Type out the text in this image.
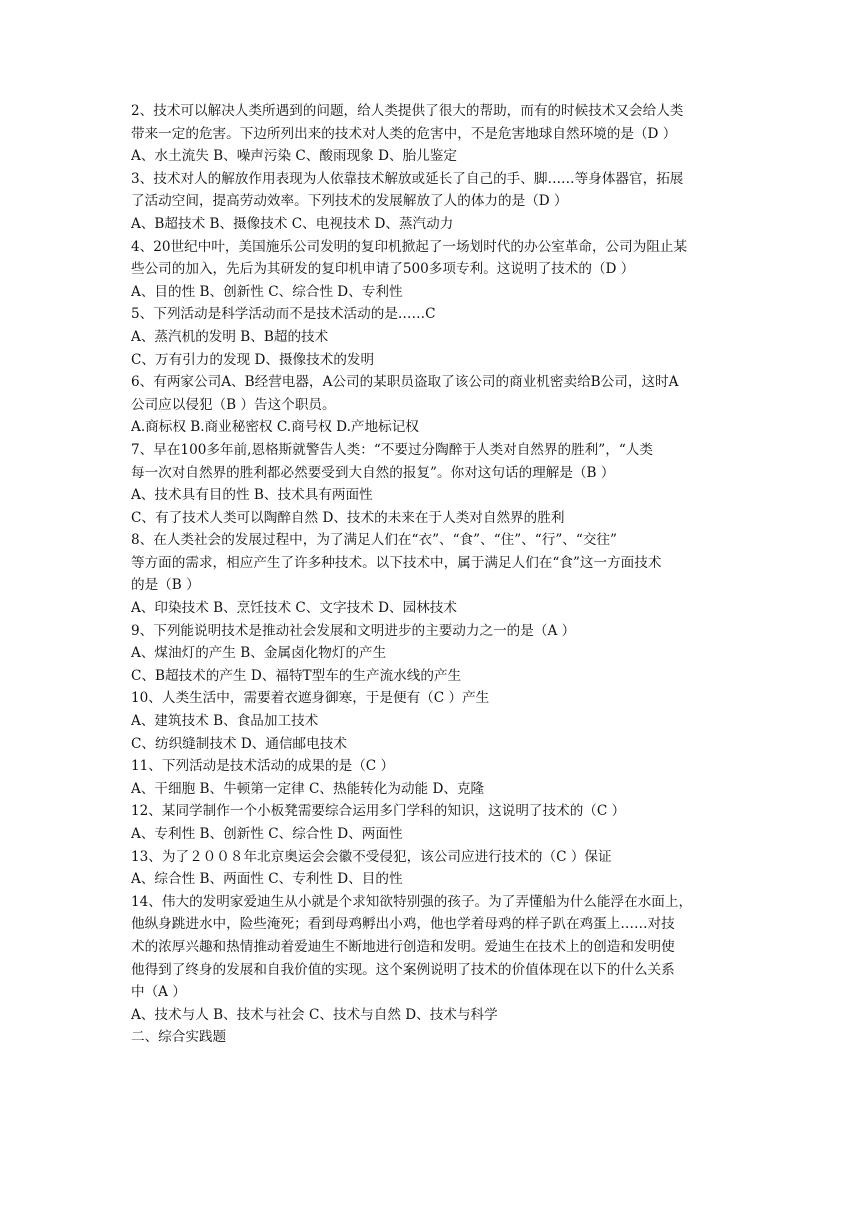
2、技术可以解决人类所遇到的问题，给人类提供了很大的帮助，而有的时候技术又会给人类
带来一定的危害。下边所列出来的技术对人类的危害中，不是危害地球自然环境的是（D ）
A、水土流失 B、噪声污染 C、酸雨现象 D、胎儿鉴定
3、技术对人的解放作用表现为人依靠技术解放或延长了自己的手、脚……等身体器官，拓展
了活动空间，提高劳动效率。下列技术的发展解放了人的体力的是（D ）
A、B超技术 B、摄像技术 C、电视技术 D、蒸汽动力
4、20世纪中叶，美国施乐公司发明的复印机掀起了一场划时代的办公室革命，公司为阻止某
些公司的加入，先后为其研发的复印机申请了500多项专利。这说明了技术的（D ）
A、目的性 B、创新性 C、综合性 D、专利性
5、下列活动是科学活动而不是技术活动的是……C
A、蒸汽机的发明 B、B超的技术
C、万有引力的发现 D、摄像技术的发明
6、有两家公司A、B经营电器，A公司的某职员盗取了该公司的商业机密卖给B公司，这时A
公司应以侵犯（B ）告这个职员。
A.商标权 B.商业秘密权 C.商号权 D.产地标记权
7、早在100多年前,恩格斯就警告人类：“不要过分陶醉于人类对自然界的胜利”，“人类
每一次对自然界的胜利都必然要受到大自然的报复”。你对这句话的理解是（B ）
A、技术具有目的性 B、技术具有两面性
C、有了技术人类可以陶醉自然 D、技术的未来在于人类对自然界的胜利
8、在人类社会的发展过程中，为了满足人们在“衣”、“食”、“住”、“行”、“交往”
等方面的需求，相应产生了许多种技术。以下技术中，属于满足人们在“食”这一方面技术
的是（B ）
A、印染技术 B、烹饪技术 C、文字技术 D、园林技术
9、下列能说明技术是推动社会发展和文明进步的主要动力之一的是（A ）
A、煤油灯的产生 B、金属卤化物灯的产生
C、B超技术的产生 D、福特T型车的生产流水线的产生
10、人类生活中，需要着衣遮身御寒，于是便有（C ）产生
A、建筑技术 B、食品加工技术
C、纺织缝制技术 D、通信邮电技术
11、下列活动是技术活动的成果的是（C ）
A、干细胞 B、牛顿第一定律 C、热能转化为动能 D、克隆
12、某同学制作一个小板凳需要综合运用多门学科的知识，这说明了技术的（C ）
A、专利性 B、创新性 C、综合性 D、两面性
13、为了２００８年北京奥运会会徽不受侵犯，该公司应进行技术的（C ）保证
A、综合性 B、两面性 C、专利性 D、目的性
14、伟大的发明家爱迪生从小就是个求知欲特别强的孩子。为了弄懂船为什么能浮在水面上，
他纵身跳进水中，险些淹死；看到母鸡孵出小鸡，他也学着母鸡的样子趴在鸡蛋上……对技
术的浓厚兴趣和热情推动着爱迪生不断地进行创造和发明。爱迪生在技术上的创造和发明使
他得到了终身的发展和自我价值的实现。这个案例说明了技术的价值体现在以下的什么关系
中（A ）
A、技术与人 B、技术与社会 C、技术与自然 D、技术与科学
二、综合实践题
